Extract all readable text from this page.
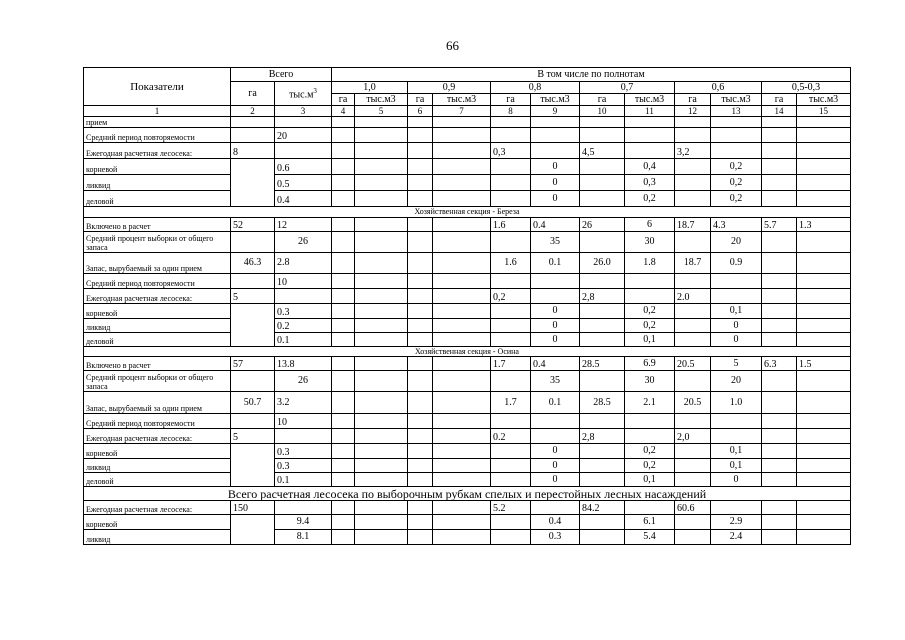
66
Показатели	Всего		В том числе по полнотам											
	га	$тыс.м^3$	1,0		0,9		0,8		0,7		0,6		0,5-0,3	
			га	тыс.м3	га	тыс.м3	га	тыс.м3	га	тыс.м3	га	тыс.м3	га	тыс.м3
1	2	3	4	5	6	7	8	9	10	11	12	13	14	15
прием														
Средний период повторяемости		20												
Ежегодная расчетная лесосека:	8						0,3		4,5		3,2			
корневой		0.6						0		0,4		0,2		
ликвид		0.5						0		0,3		0,2		
деловой		0.4						0		0,2		0,2		
Хозяйственная секция - Береза														
Включено в расчет	52	12					1.6	0.4	26	6	18.7	4.3	5.7	1.3
Средний процент выборки от общего запаса		26						35		30		20		
Запас, вырубаемый за один прием	46.3	2.8					1.6	0.1	26.0	1.8	18.7	0.9		
Средний период повторяемости		10												
Ежегодная расчетная лесосека:	5						0,2		2,8		2.0			
корневой		0.3						0		0,2		0,1		
ликвид		0.2						0		0,2		0		
деловой		0.1						0		0,1		0		
Хозяйственная секция - Осина														
Включено в расчет	57	13.8					1.7	0.4	28.5	6.9	20.5	5	6.3	1.5
Средний процент выборки от общего запаса		26						35		30		20		
Запас, вырубаемый за один прием	50.7	3.2					1.7	0.1	28.5	2.1	20.5	1.0		
Средний период повторяемости		10												
Ежегодная расчетная лесосека:	5						0.2		2,8		2,0			
корневой		0.3						0		0,2		0,1		
ликвид		0.3						0		0,2		0,1		
деловой		0.1						0		0,1		0		
Всего расчетная лесосека по выборочным рубкам спелых и перестойных лесных насаждений														
Ежегодная расчетная лесосека:	150						5.2		84.2		60.6			
корневой		9.4						0.4		6.1		2.9		
ликвид		8.1						0.3		5.4		2.4		
